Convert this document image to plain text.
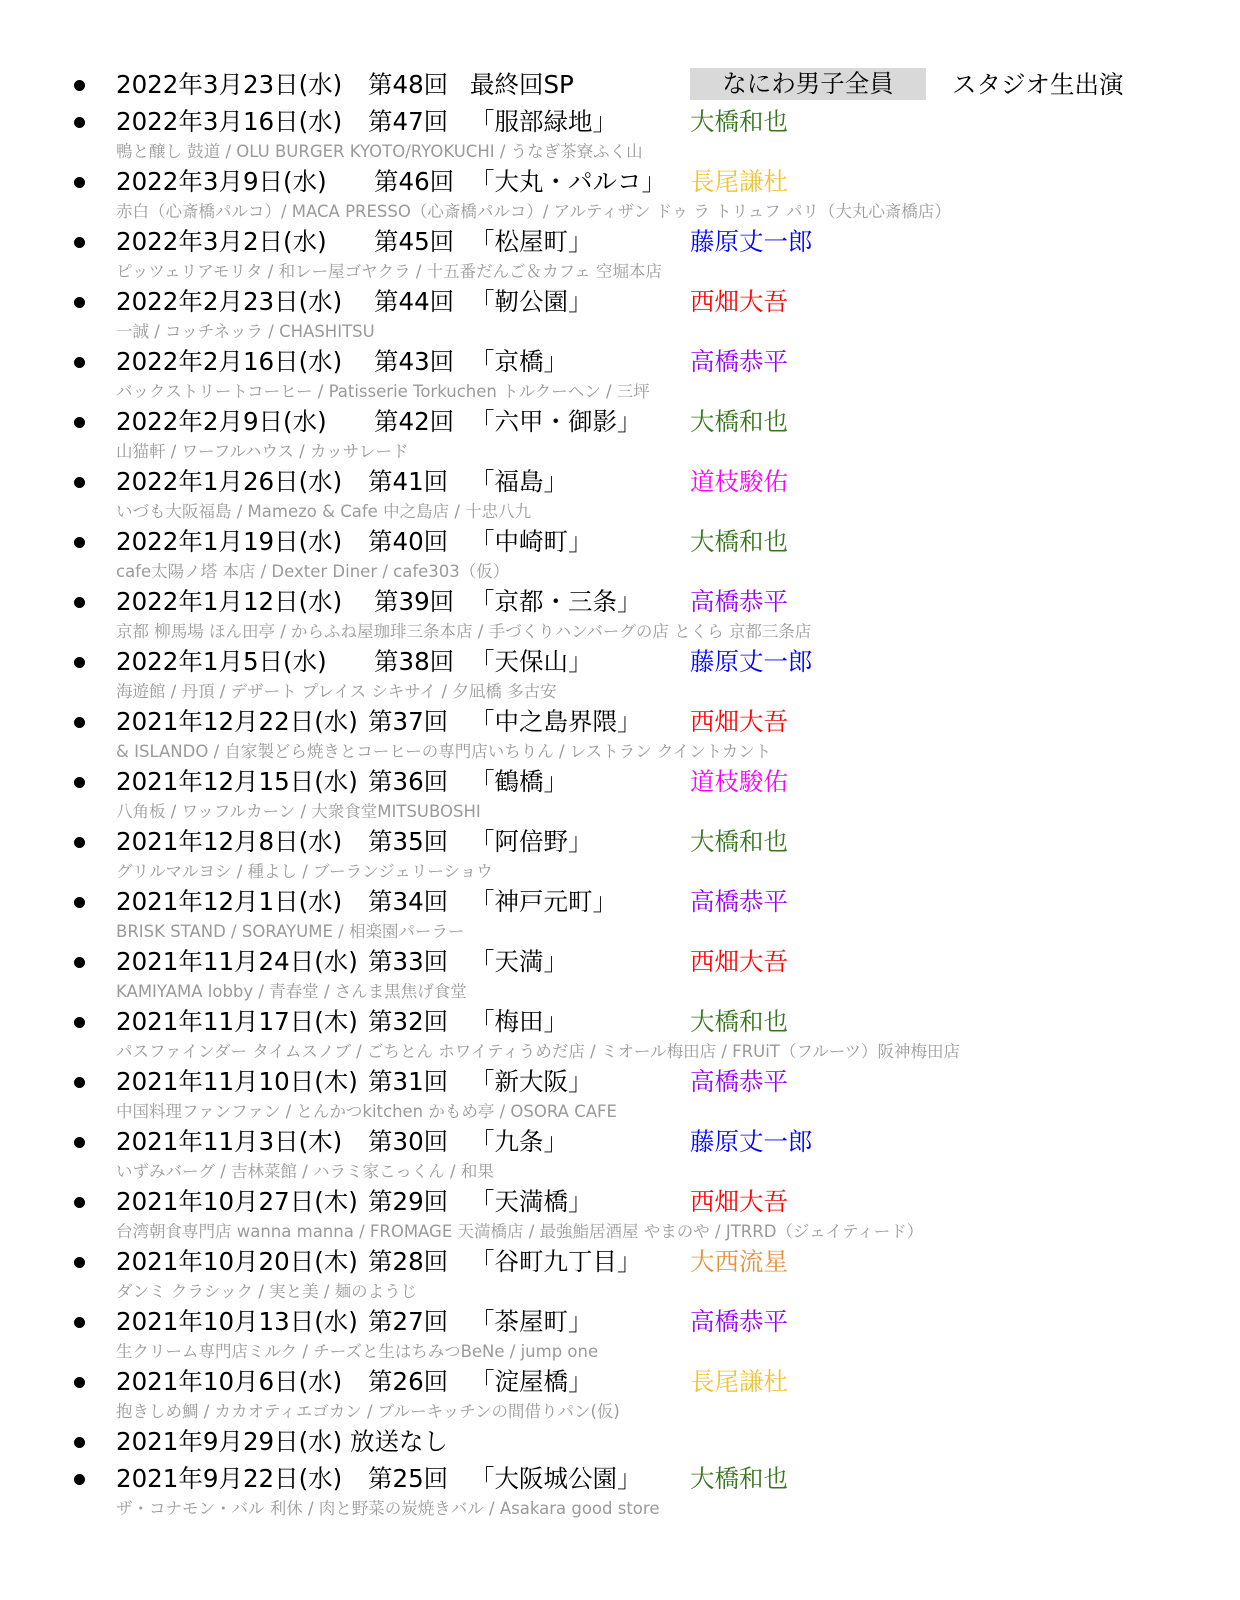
2022年3月23日(水) 第48回 最終回SP	なにわ男子全員	スタジオ生出演
2022年3月16日(水) 第47回 「服部緑地」	大橋和也
鴨と醸し 鼓道 / OLU BURGER KYOTO/RYOKUCHI / うなぎ茶寮ふく山
2022年3月9日(水) 第46回 「大丸・パルコ」 長尾謙杜
赤白（心斎橋パルコ）/ MACA PRESSO（心斎橋パルコ）/ アルティザン ドゥ ラ トリュフ パリ（大丸心斎橋店）
2022年3月2日(水) 第45回 「松屋町」	藤原丈一郎
ピッツェリアモリタ / 和レー屋ゴヤクラ / 十五番だんご＆カフェ 空堀本店
2022年2月23日(水) 第44回 「靭公園」	西畑大吾
一誠 / コッチネッラ / CHASHITSU
2022年2月16日(水) 第43回 「京橋」	高橋恭平
バックストリートコーヒー / Patisserie Torkuchen トルクーヘン / 三坪
2022年2月9日(水) 第42回 「六甲・御影」 大橋和也
山猫軒 / ワーフルハウス / カッサレード
2022年1月26日(水) 第41回 「福島」	道枝駿佑
いづも大阪福島 / Mamezo & Cafe 中之島店 / 十忠八九
2022年1月19日(水) 第40回 「中崎町」	大橋和也
cafe太陽ノ塔 本店 / Dexter Diner / cafe303（仮）
2022年1月12日(水) 第39回 「京都・三条」 高橋恭平
京都 柳馬場 ほん田亭 / からふね屋珈琲三条本店 / 手づくりハンバーグの店 とくら 京都三条店
2022年1月5日(水) 第38回 「天保山」	藤原丈一郎
海遊館 / 丹頂 / デザート プレイス シキサイ / 夕凪橋 多古安
2021年12月22日(水) 第37回 「中之島界隈」 西畑大吾
& ISLANDO / 自家製どら焼きとコーヒーの専門店いちりん / レストラン クイントカント
2021年12月15日(水) 第36回 「鶴橋」	道枝駿佑
八角板 / ワッフルカーン / 大衆食堂MITSUBOSHI
2021年12月8日(水) 第35回 「阿倍野」	大橋和也
グリルマルヨシ / 種よし / ブーランジェリーショウ
2021年12月1日(水) 第34回 「神戸元町」	高橋恭平
BRISK STAND / SORAYUME / 相楽園パーラー
2021年11月24日(水) 第33回 「天満」	西畑大吾
KAMIYAMA lobby / 青春堂 / さんま黒焦げ食堂
2021年11月17日(木) 第32回 「梅田」	大橋和也
パスファインダー タイムスノブ / ごちとん ホワイティうめだ店 / ミオール梅田店 / FRUiT（フルーツ）阪神梅田店
2021年11月10日(木) 第31回 「新大阪」	高橋恭平
中国料理ファンファン / とんかつkitchen かもめ亭 / OSORA CAFE
2021年11月3日(木) 第30回 「九条」	藤原丈一郎
いずみバーグ / 吉林菜館 / ハラミ家こっくん / 和果
2021年10月27日(木) 第29回 「天満橋」	西畑大吾
台湾朝食専門店 wanna manna / FROMAGE 天満橋店 / 最強鮨居酒屋 やまのや / JTRRD（ジェイティード）
2021年10月20日(木) 第28回 「谷町九丁目」 大西流星
ダンミ クラシック / 実と美 / 麺のようじ
2021年10月13日(水) 第27回 「茶屋町」	高橋恭平
生クリーム専門店ミルク / チーズと生はちみつBeNe / jump one
2021年10月6日(水) 第26回 「淀屋橋」	長尾謙杜
抱きしめ鯛 / カカオティエゴカン / ブルーキッチンの間借りパン(仮)
2021年9月29日(水) 放送なし
2021年9月22日(水) 第25回 「大阪城公園」 大橋和也
ザ・コナモン・バル 利休 / 肉と野菜の炭焼きバル / Asakara good store
